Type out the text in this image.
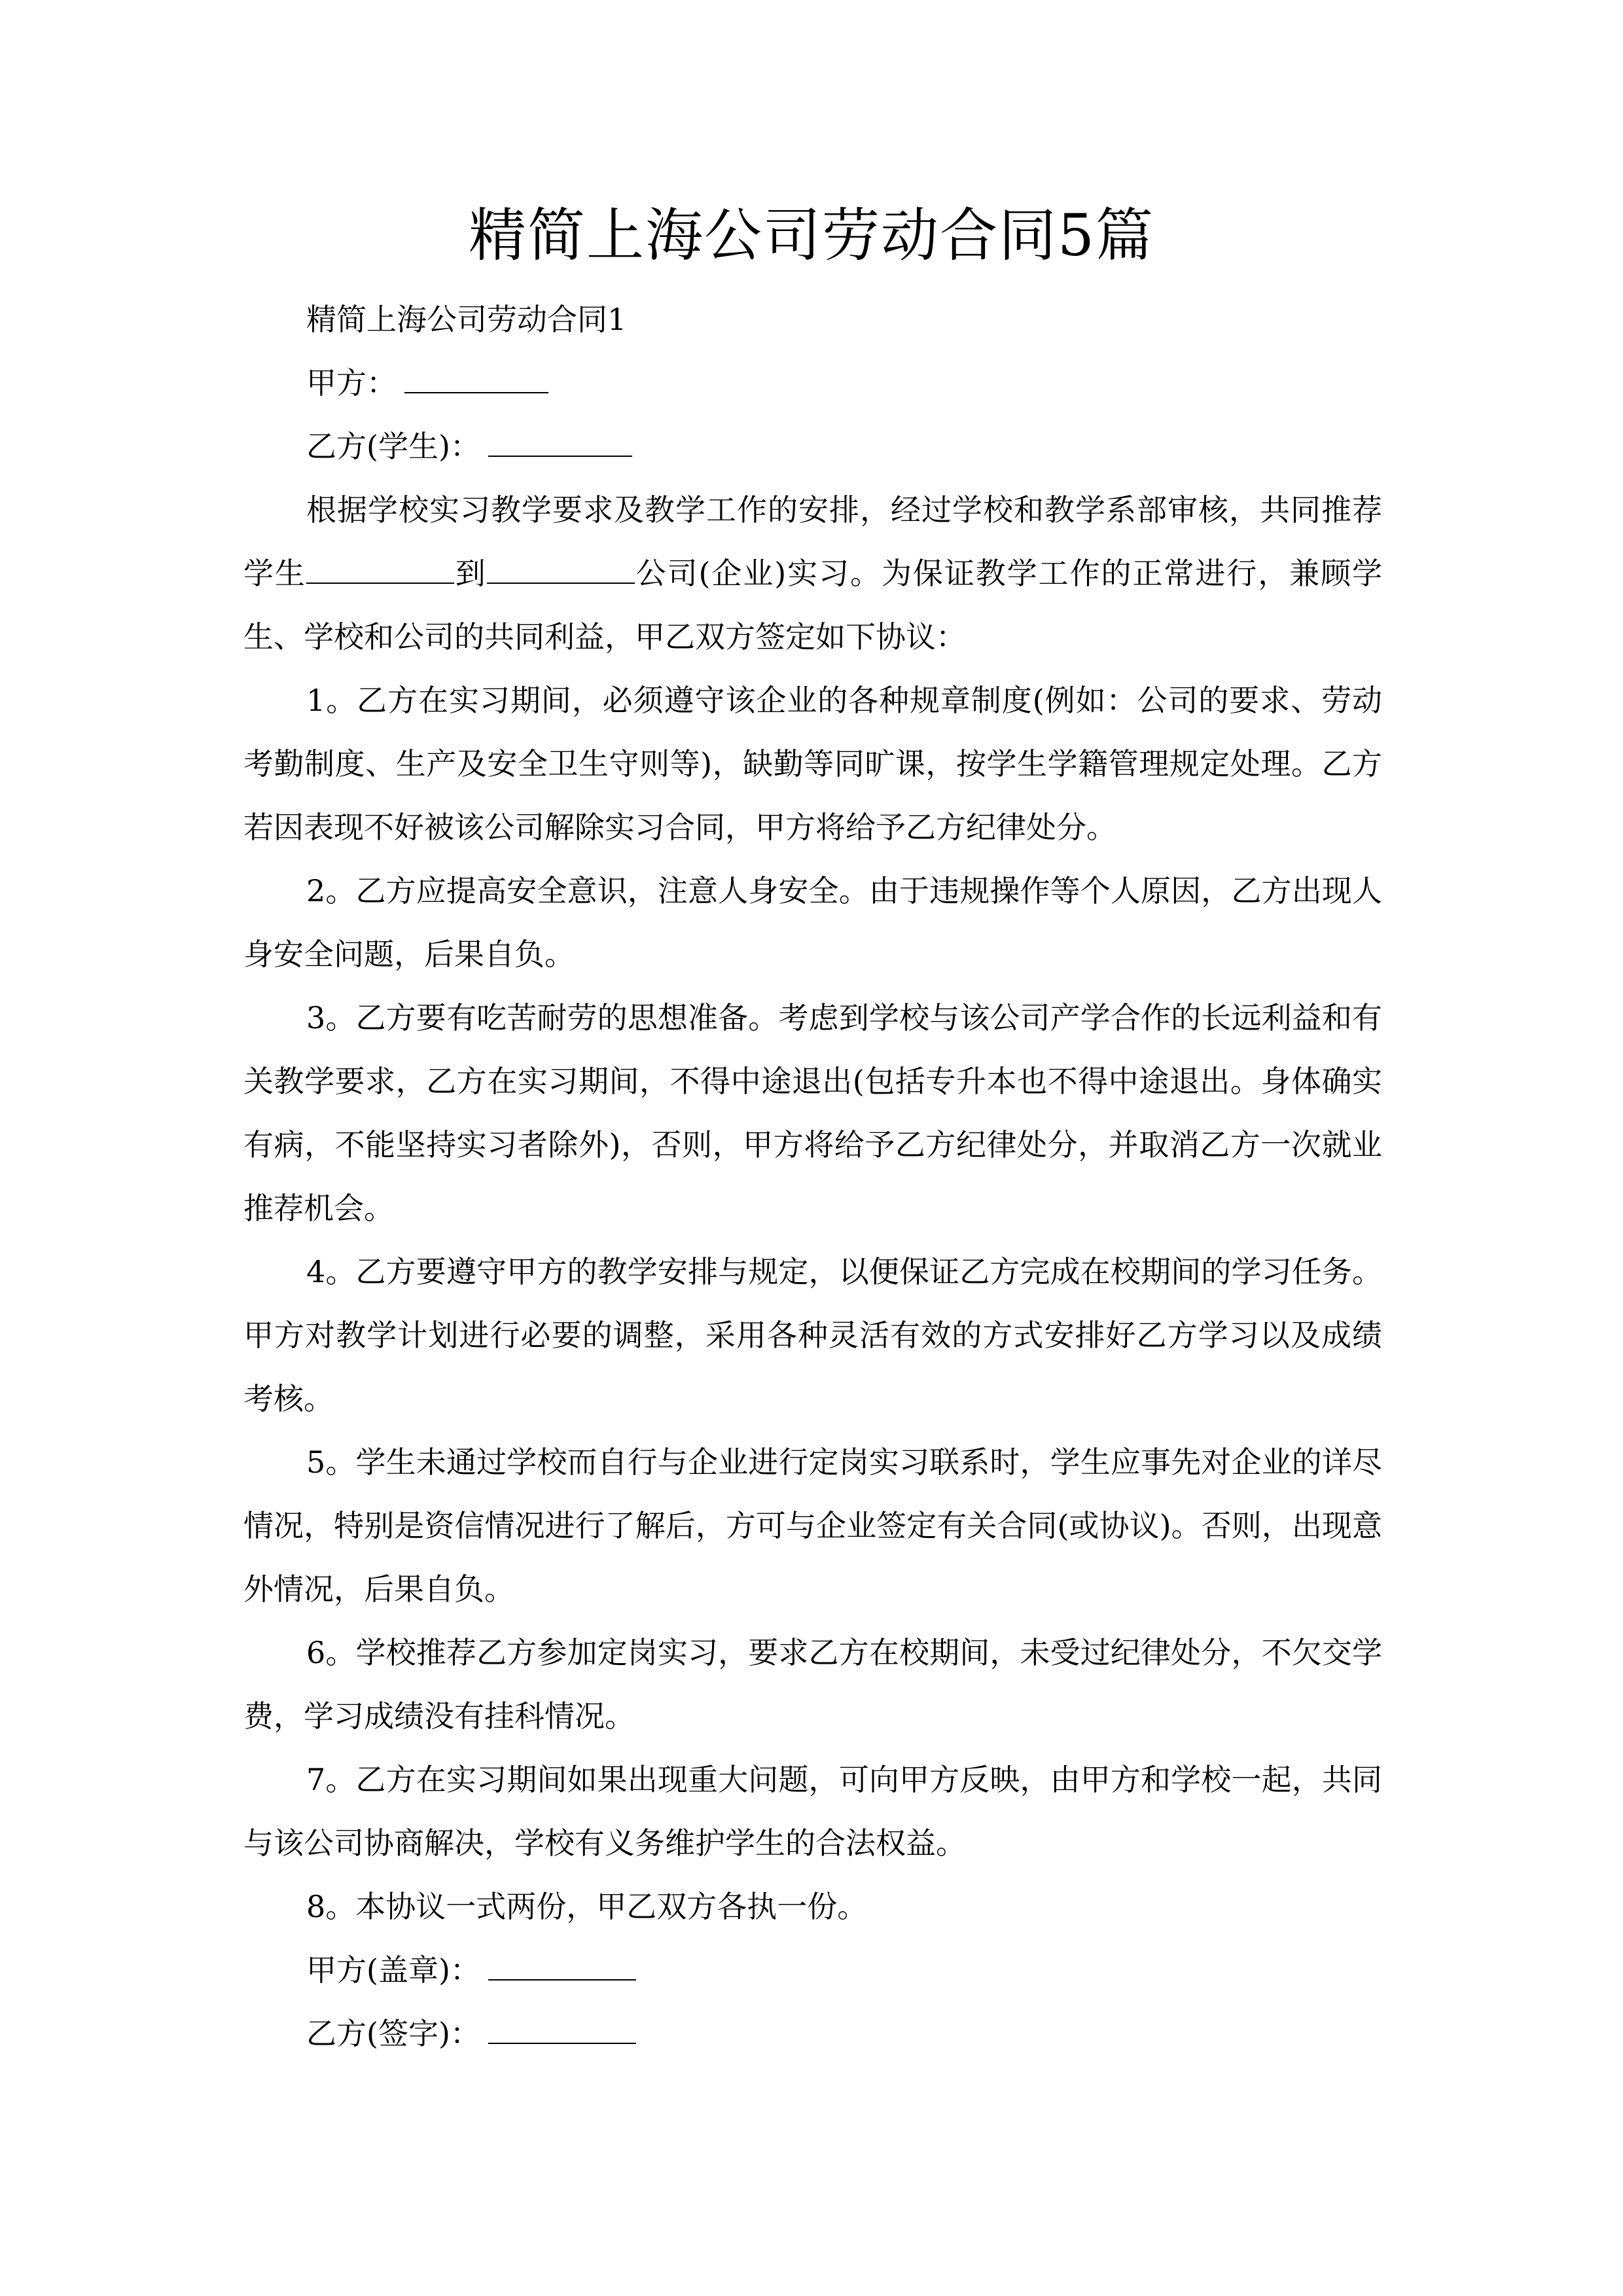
精简上海公司劳动合同5篇

精简上海公司劳动合同1

甲方：

乙方(学生)：

根据学校实习教学要求及教学工作的安排，经过学校和教学系部审核，共同推荐学生	到	公司(企业)实习。为保证教学工作的正常进行，兼顾学生、学校和公司的共同利益，甲乙双方签定如下协议：

1。乙方在实习期间，必须遵守该企业的各种规章制度(例如：公司的要求、劳动考勤制度、生产及安全卫生守则等)，缺勤等同旷课，按学生学籍管理规定处理。乙方若因表现不好被该公司解除实习合同，甲方将给予乙方纪律处分。

2。乙方应提高安全意识，注意人身安全。由于违规操作等个人原因，乙方出现人身安全问题，后果自负。

3。乙方要有吃苦耐劳的思想准备。考虑到学校与该公司产学合作的长远利益和有关教学要求，乙方在实习期间，不得中途退出(包括专升本也不得中途退出。身体确实有病，不能坚持实习者除外)，否则，甲方将给予乙方纪律处分，并取消乙方一次就业推荐机会。

4。乙方要遵守甲方的教学安排与规定，以便保证乙方完成在校期间的学习任务。甲方对教学计划进行必要的调整，采用各种灵活有效的方式安排好乙方学习以及成绩考核。

5。学生未通过学校而自行与企业进行定岗实习联系时，学生应事先对企业的详尽情况，特别是资信情况进行了解后，方可与企业签定有关合同(或协议)。否则，出现意外情况，后果自负。

6。学校推荐乙方参加定岗实习，要求乙方在校期间，未受过纪律处分，不欠交学费，学习成绩没有挂科情况。

7。乙方在实习期间如果出现重大问题，可向甲方反映，由甲方和学校一起，共同与该公司协商解决，学校有义务维护学生的合法权益。

8。本协议一式两份，甲乙双方各执一份。

甲方(盖章)：

乙方(签字)：
